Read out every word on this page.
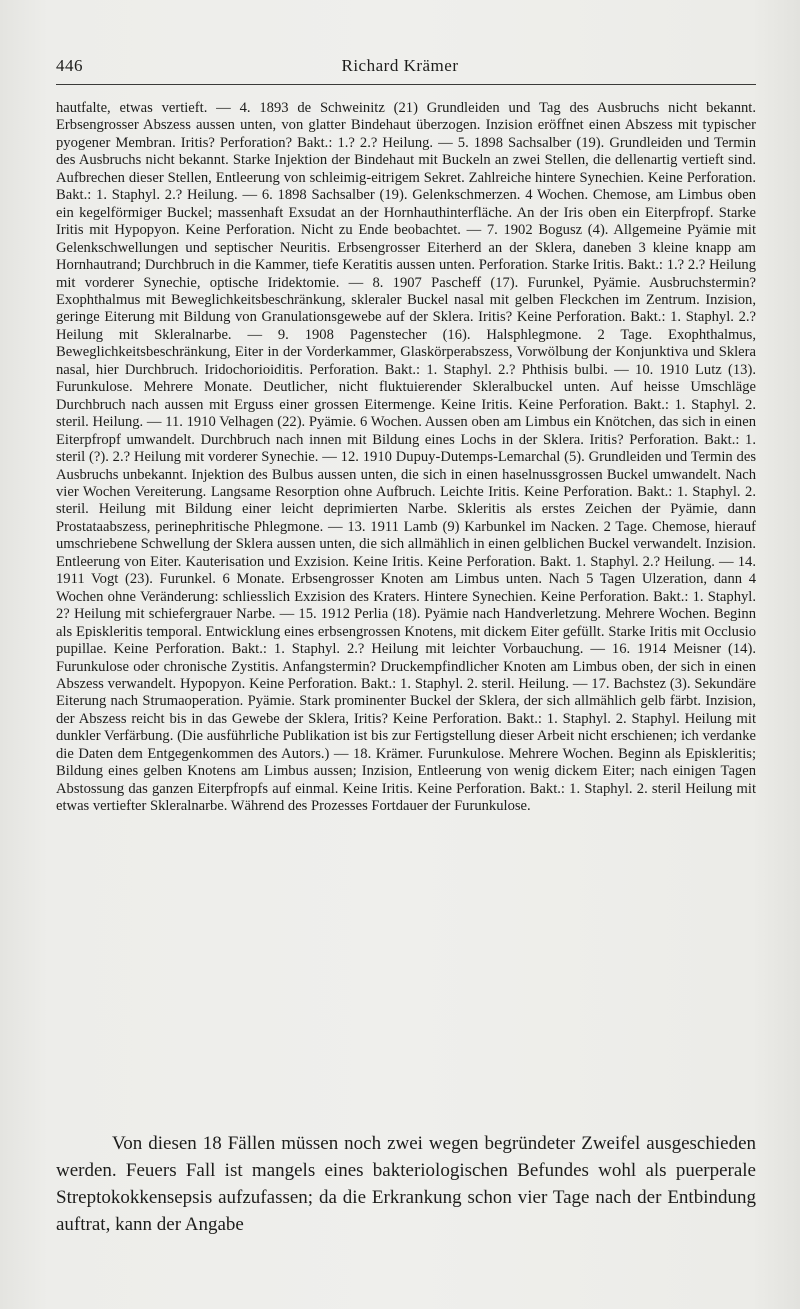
446	Richard Krämer

hautfalte, etwas vertieft. — 4. 1893 de Schweinitz (21) Grundleiden und Tag des Ausbruchs nicht bekannt. Erbsengrosser Abszess aussen unten, von glatter Bindehaut überzogen. Inzision eröffnet einen Abszess mit typischer pyogener Membran. Iritis? Perforation? Bakt.: 1.? 2.? Heilung. — 5. 1898 Sachsalber (19). Grundleiden und Termin des Ausbruchs nicht bekannt. Starke Injektion der Bindehaut mit Buckeln an zwei Stellen, die dellenartig vertieft sind. Aufbrechen dieser Stellen, Entleerung von schleimig-eitrigem Sekret. Zahlreiche hintere Synechien. Keine Perforation. Bakt.: 1. Staphyl. 2.? Heilung. — 6. 1898 Sachsalber (19). Gelenkschmerzen. 4 Wochen. Chemose, am Limbus oben ein kegelförmiger Buckel; massenhaft Exsudat an der Hornhauthinterfläche. An der Iris oben ein Eiterpfropf. Starke Iritis mit Hypopyon. Keine Perforation. Nicht zu Ende beobachtet. — 7. 1902 Bogusz (4). Allgemeine Pyämie mit Gelenkschwellungen und septischer Neuritis. Erbsengrosser Eiterherd an der Sklera, daneben 3 kleine knapp am Hornhautrand; Durchbruch in die Kammer, tiefe Keratitis aussen unten. Perforation. Starke Iritis. Bakt.: 1.? 2.? Heilung mit vorderer Synechie, optische Iridektomie. — 8. 1907 Pascheff (17). Furunkel, Pyämie. Ausbruchstermin? Exophthalmus mit Beweglichkeitsbeschränkung, skleraler Buckel nasal mit gelben Fleckchen im Zentrum. Inzision, geringe Eiterung mit Bildung von Granulationsgewebe auf der Sklera. Iritis? Keine Perforation. Bakt.: 1. Staphyl. 2.? Heilung mit Skleralnarbe. — 9. 1908 Pagenstecher (16). Halsphlegmone. 2 Tage. Exophthalmus, Beweglichkeitsbeschränkung, Eiter in der Vorderkammer, Glaskörperabszess, Vorwölbung der Konjunktiva und Sklera nasal, hier Durchbruch. Iridochorioiditis. Perforation. Bakt.: 1. Staphyl. 2.? Phthisis bulbi. — 10. 1910 Lutz (13). Furunkulose. Mehrere Monate. Deutlicher, nicht fluktuierender Skleralbuckel unten. Auf heisse Umschläge Durchbruch nach aussen mit Erguss einer grossen Eitermenge. Keine Iritis. Keine Perforation. Bakt.: 1. Staphyl. 2. steril. Heilung. — 11. 1910 Velhagen (22). Pyämie. 6 Wochen. Aussen oben am Limbus ein Knötchen, das sich in einen Eiterpfropf umwandelt. Durchbruch nach innen mit Bildung eines Lochs in der Sklera. Iritis? Perforation. Bakt.: 1. steril (?). 2.? Heilung mit vorderer Synechie. — 12. 1910 Dupuy-Dutemps-Lemarchal (5). Grundleiden und Termin des Ausbruchs unbekannt. Injektion des Bulbus aussen unten, die sich in einen haselnussgrossen Buckel umwandelt. Nach vier Wochen Vereiterung. Langsame Resorption ohne Aufbruch. Leichte Iritis. Keine Perforation. Bakt.: 1. Staphyl. 2. steril. Heilung mit Bildung einer leicht deprimierten Narbe. Skleritis als erstes Zeichen der Pyämie, dann Prostataabszess, perinephritische Phlegmone. — 13. 1911 Lamb (9) Karbunkel im Nacken. 2 Tage. Chemose, hierauf umschriebene Schwellung der Sklera aussen unten, die sich allmählich in einen gelblichen Buckel verwandelt. Inzision. Entleerung von Eiter. Kauterisation und Exzision. Keine Iritis. Keine Perforation. Bakt. 1. Staphyl. 2.? Heilung. — 14. 1911 Vogt (23). Furunkel. 6 Monate. Erbsengrosser Knoten am Limbus unten. Nach 5 Tagen Ulzeration, dann 4 Wochen ohne Veränderung: schliesslich Exzision des Kraters. Hintere Synechien. Keine Perforation. Bakt.: 1. Staphyl. 2? Heilung mit schiefergrauer Narbe. — 15. 1912 Perlia (18). Pyämie nach Handverletzung. Mehrere Wochen. Beginn als Episkleritis temporal. Entwicklung eines erbsengrossen Knotens, mit dickem Eiter gefüllt. Starke Iritis mit Occlusio pupillae. Keine Perforation. Bakt.: 1. Staphyl. 2.? Heilung mit leichter Vorbauchung. — 16. 1914 Meisner (14). Furunkulose oder chronische Zystitis. Anfangstermin? Druckempfindlicher Knoten am Limbus oben, der sich in einen Abszess verwandelt. Hypopyon. Keine Perforation. Bakt.: 1. Staphyl. 2. steril. Heilung. — 17. Bachstez (3). Sekundäre Eiterung nach Strumaoperation. Pyämie. Stark prominenter Buckel der Sklera, der sich allmählich gelb färbt. Inzision, der Abszess reicht bis in das Gewebe der Sklera, Iritis? Keine Perforation. Bakt.: 1. Staphyl. 2. Staphyl. Heilung mit dunkler Verfärbung. (Die ausführliche Publikation ist bis zur Fertigstellung dieser Arbeit nicht erschienen; ich verdanke die Daten dem Entgegenkommen des Autors.) — 18. Krämer. Furunkulose. Mehrere Wochen. Beginn als Episkleritis; Bildung eines gelben Knotens am Limbus aussen; Inzision, Entleerung von wenig dickem Eiter; nach einigen Tagen Abstossung das ganzen Eiterpfropfs auf einmal. Keine Iritis. Keine Perforation. Bakt.: 1. Staphyl. 2. steril Heilung mit etwas vertiefter Skleralnarbe. Während des Prozesses Fortdauer der Furunkulose.

Von diesen 18 Fällen müssen noch zwei wegen begründeter Zweifel ausgeschieden werden. Feuers Fall ist mangels eines bakteriologischen Befundes wohl als puerperale Streptokokkensepsis aufzufassen; da die Erkrankung schon vier Tage nach der Entbindung auftrat, kann der Angabe
